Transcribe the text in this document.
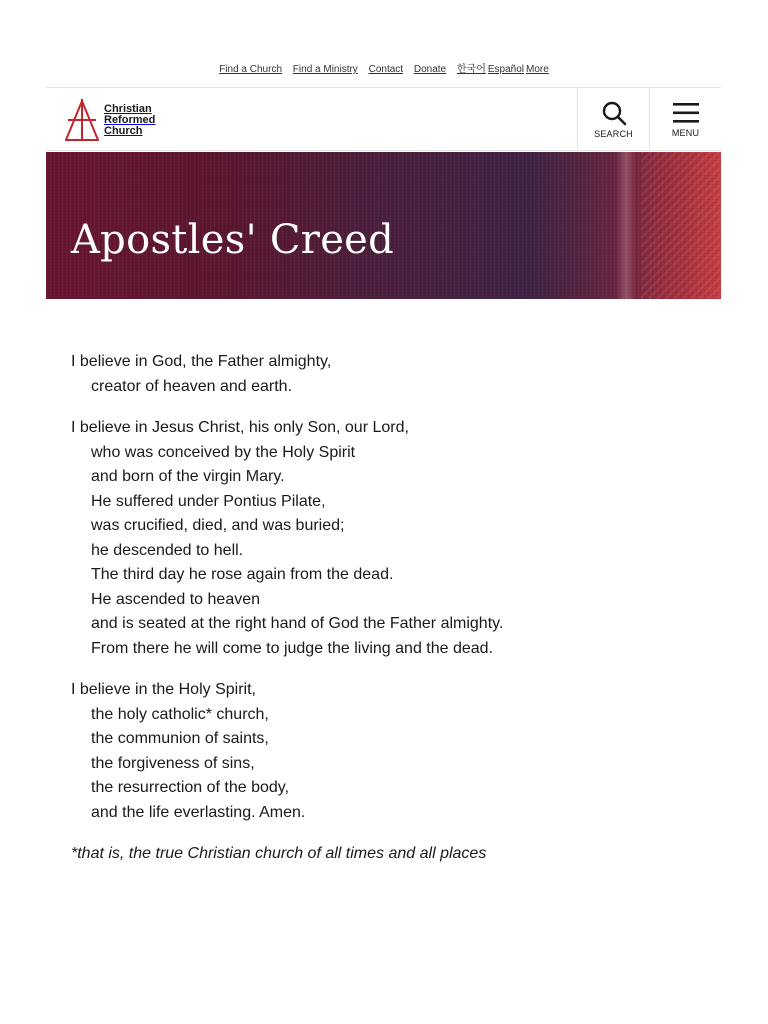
Find a Church Find a Ministry Contact Donate 한국어 Español More
Christian
Reformed
Church	SEARCH	MENU
Apostles' Creed
I believe in God, the Father almighty,
creator of heaven and earth.
I believe in Jesus Christ, his only Son, our Lord,
who was conceived by the Holy Spirit
and born of the virgin Mary.
He suffered under Pontius Pilate,
was crucified, died, and was buried;
he descended to hell.
The third day he rose again from the dead.
He ascended to heaven
and is seated at the right hand of God the Father almighty.
From there he will come to judge the living and the dead.
I believe in the Holy Spirit,
the holy catholic* church,
the communion of saints,
the forgiveness of sins,
the resurrection of the body,
and the life everlasting. Amen.
*that is, the true Christian church of all times and all places
